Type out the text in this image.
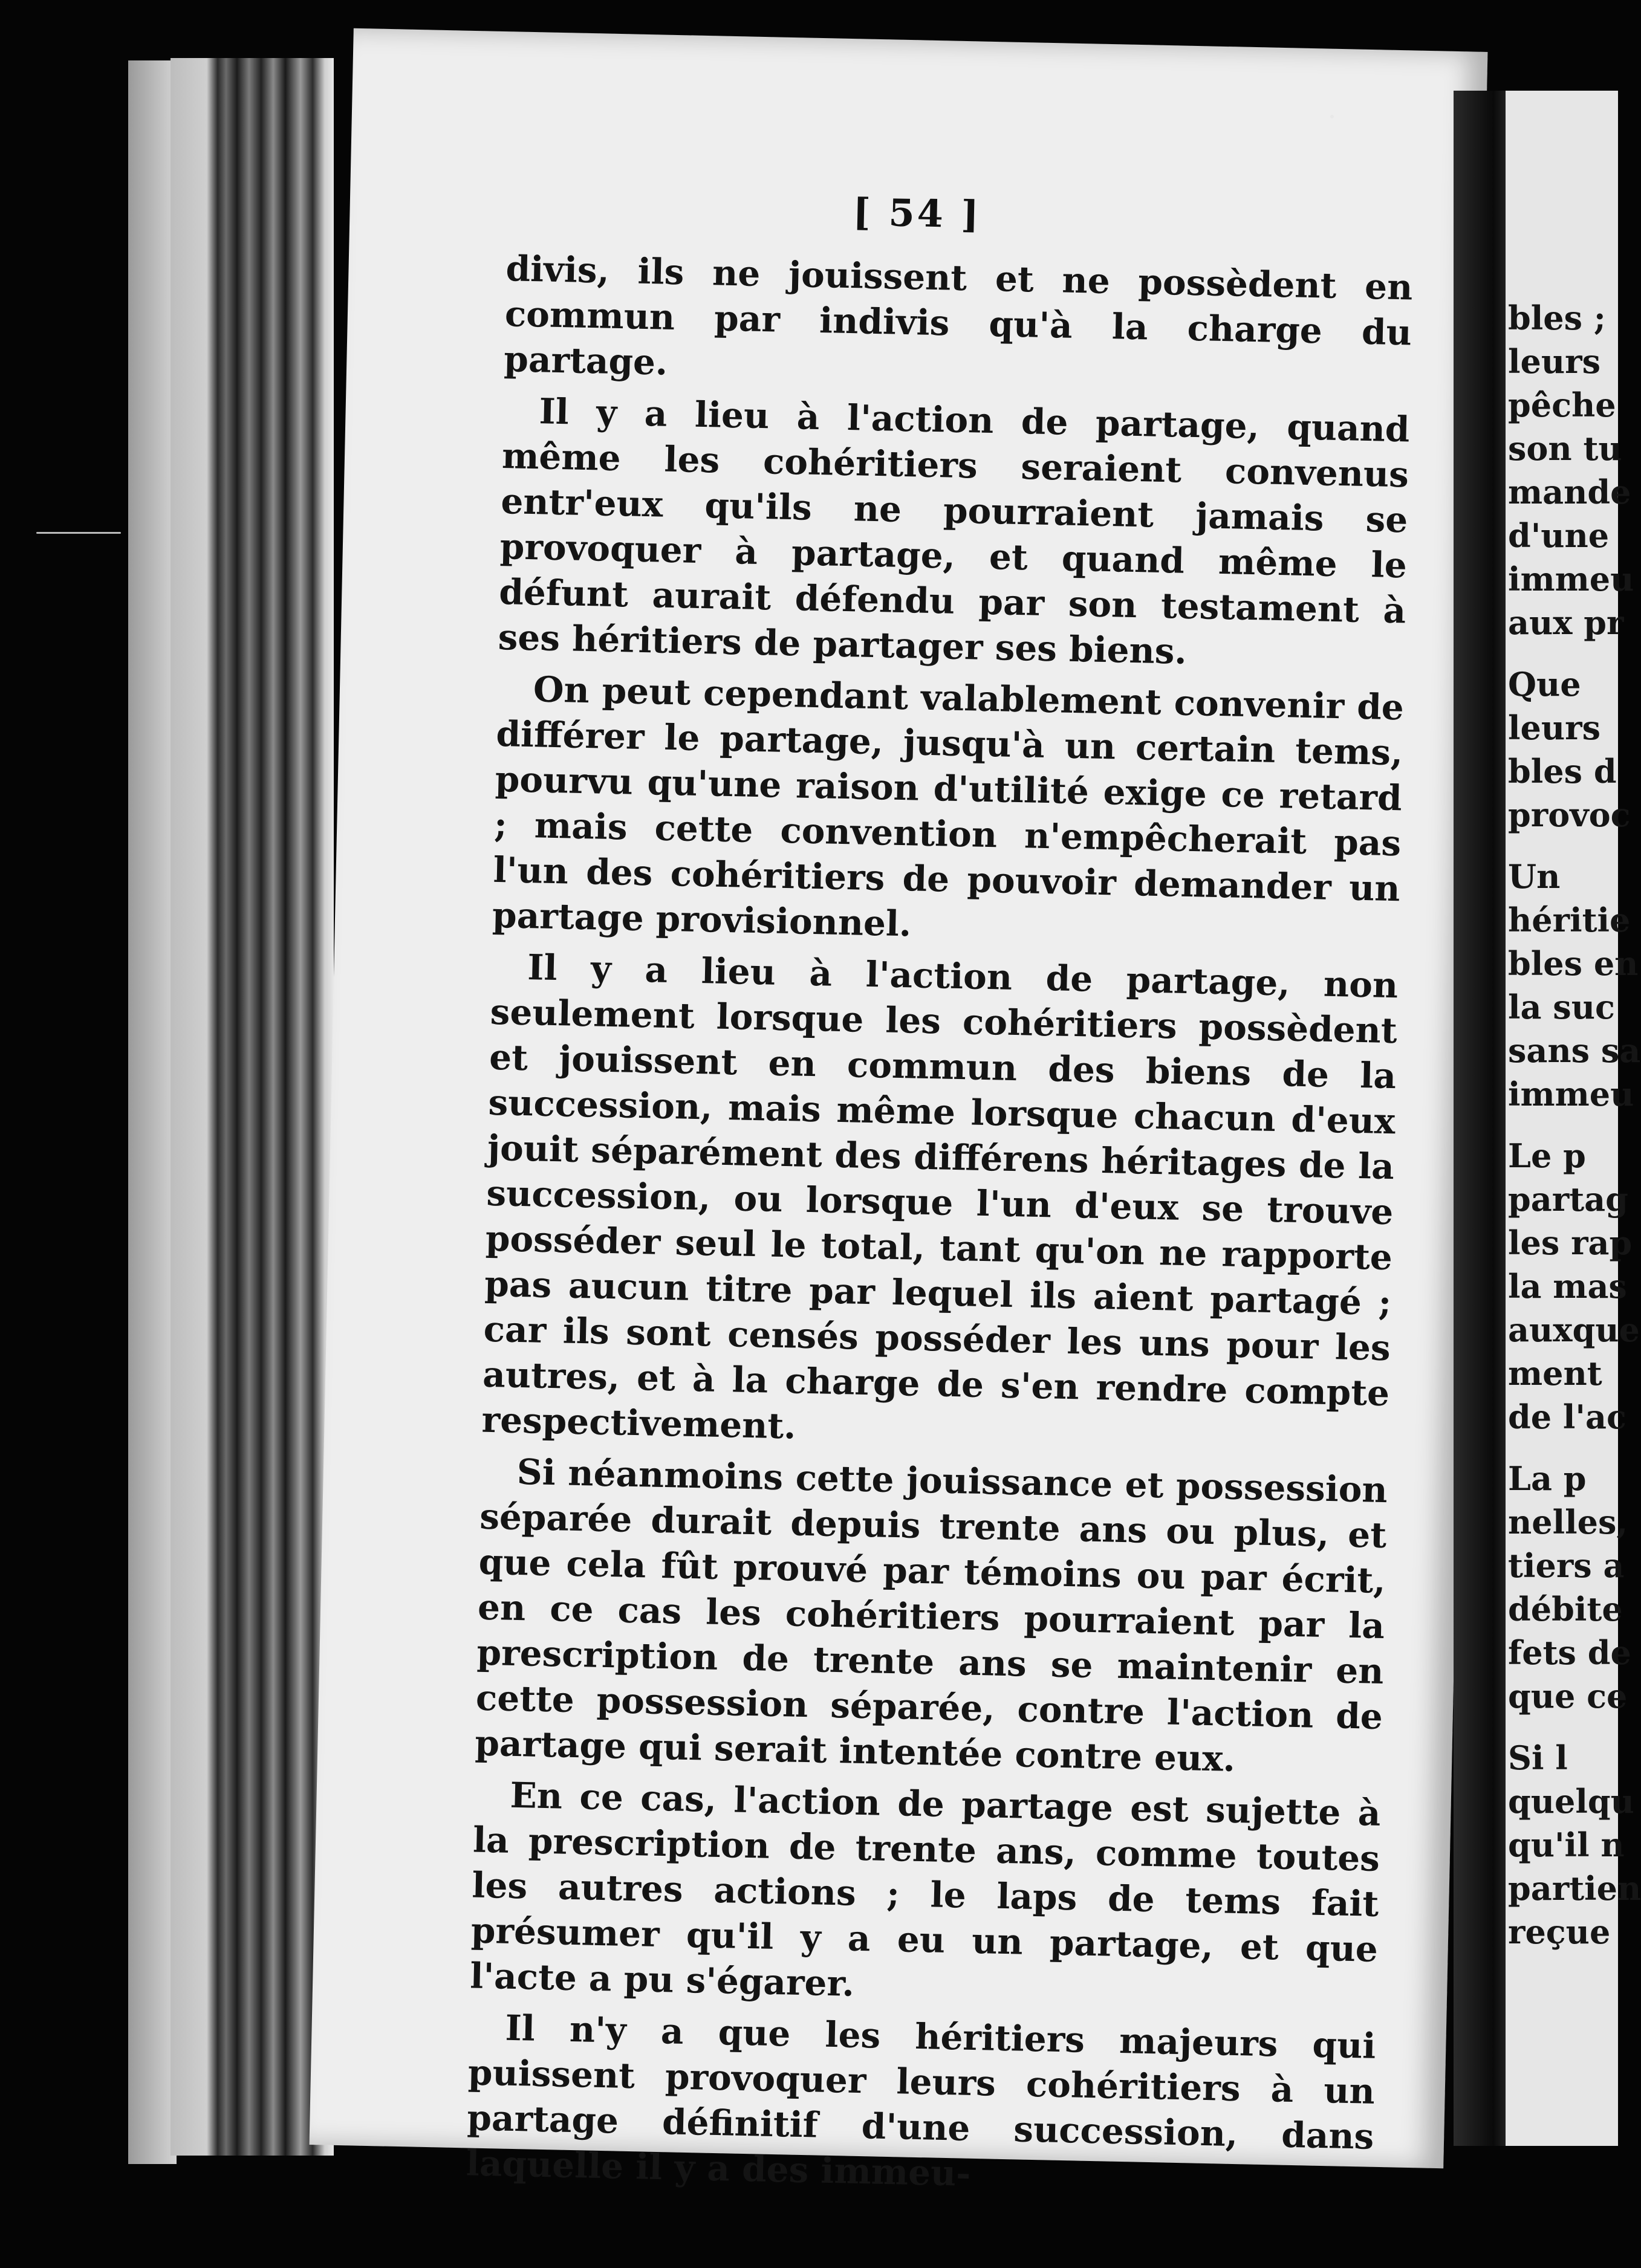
[ 54 ]

divis, ils ne jouissent et ne possèdent en commun par indivis qu'à la charge du partage.

Il y a lieu à l'action de partage, quand même les cohéritiers seraient convenus entr'eux qu'ils ne pourraient jamais se provoquer à partage, et quand même le défunt aurait défendu par son testament à ses héritiers de partager ses biens.

On peut cependant valablement convenir de différer le partage, jusqu'à un certain tems, pourvu qu'une raison d'utilité exige ce retard ; mais cette convention n'empêcherait pas l'un des cohéritiers de pouvoir demander un partage provisionnel.

Il y a lieu à l'action de partage, non seulement lorsque les cohéritiers possèdent et jouissent en commun des biens de la succession, mais même lorsque chacun d'eux jouit séparément des différens héritages de la succession, ou lorsque l'un d'eux se trouve posséder seul le total, tant qu'on ne rapporte pas aucun titre par lequel ils aient partagé ; car ils sont censés posséder les uns pour les autres, et à la charge de s'en rendre compte respectivement.

Si néanmoins cette jouissance et possession séparée durait depuis trente ans ou plus, et que cela fût prouvé par témoins ou par écrit, en ce cas les cohéritiers pourraient par la prescription de trente ans se maintenir en cette possession séparée, contre l'action de partage qui serait intentée contre eux.

En ce cas, l'action de partage est sujette à la prescription de trente ans, comme toutes les autres actions ; le laps de tems fait présumer qu'il y a eu un partage, et que l'acte a pu s'égarer.

Il n'y a que les héritiers majeurs qui puissent provoquer leurs cohéritiers à un partage définitif d'une succession, dans laquelle il y a des immeu-

bles ;
leurs
pêche
son tu
mande
d'une
immeu
aux pr
Que
leurs
bles d
provoc
Un
héritie
bles en
la suc
sans sa
immeu
Le p
partag
les rap
la mas
auxque
ment
de l'ac
La p
nelles,
tiers a
débite
fets de
que ce
Si l
quelqu
qu'il n
partien
reçue
